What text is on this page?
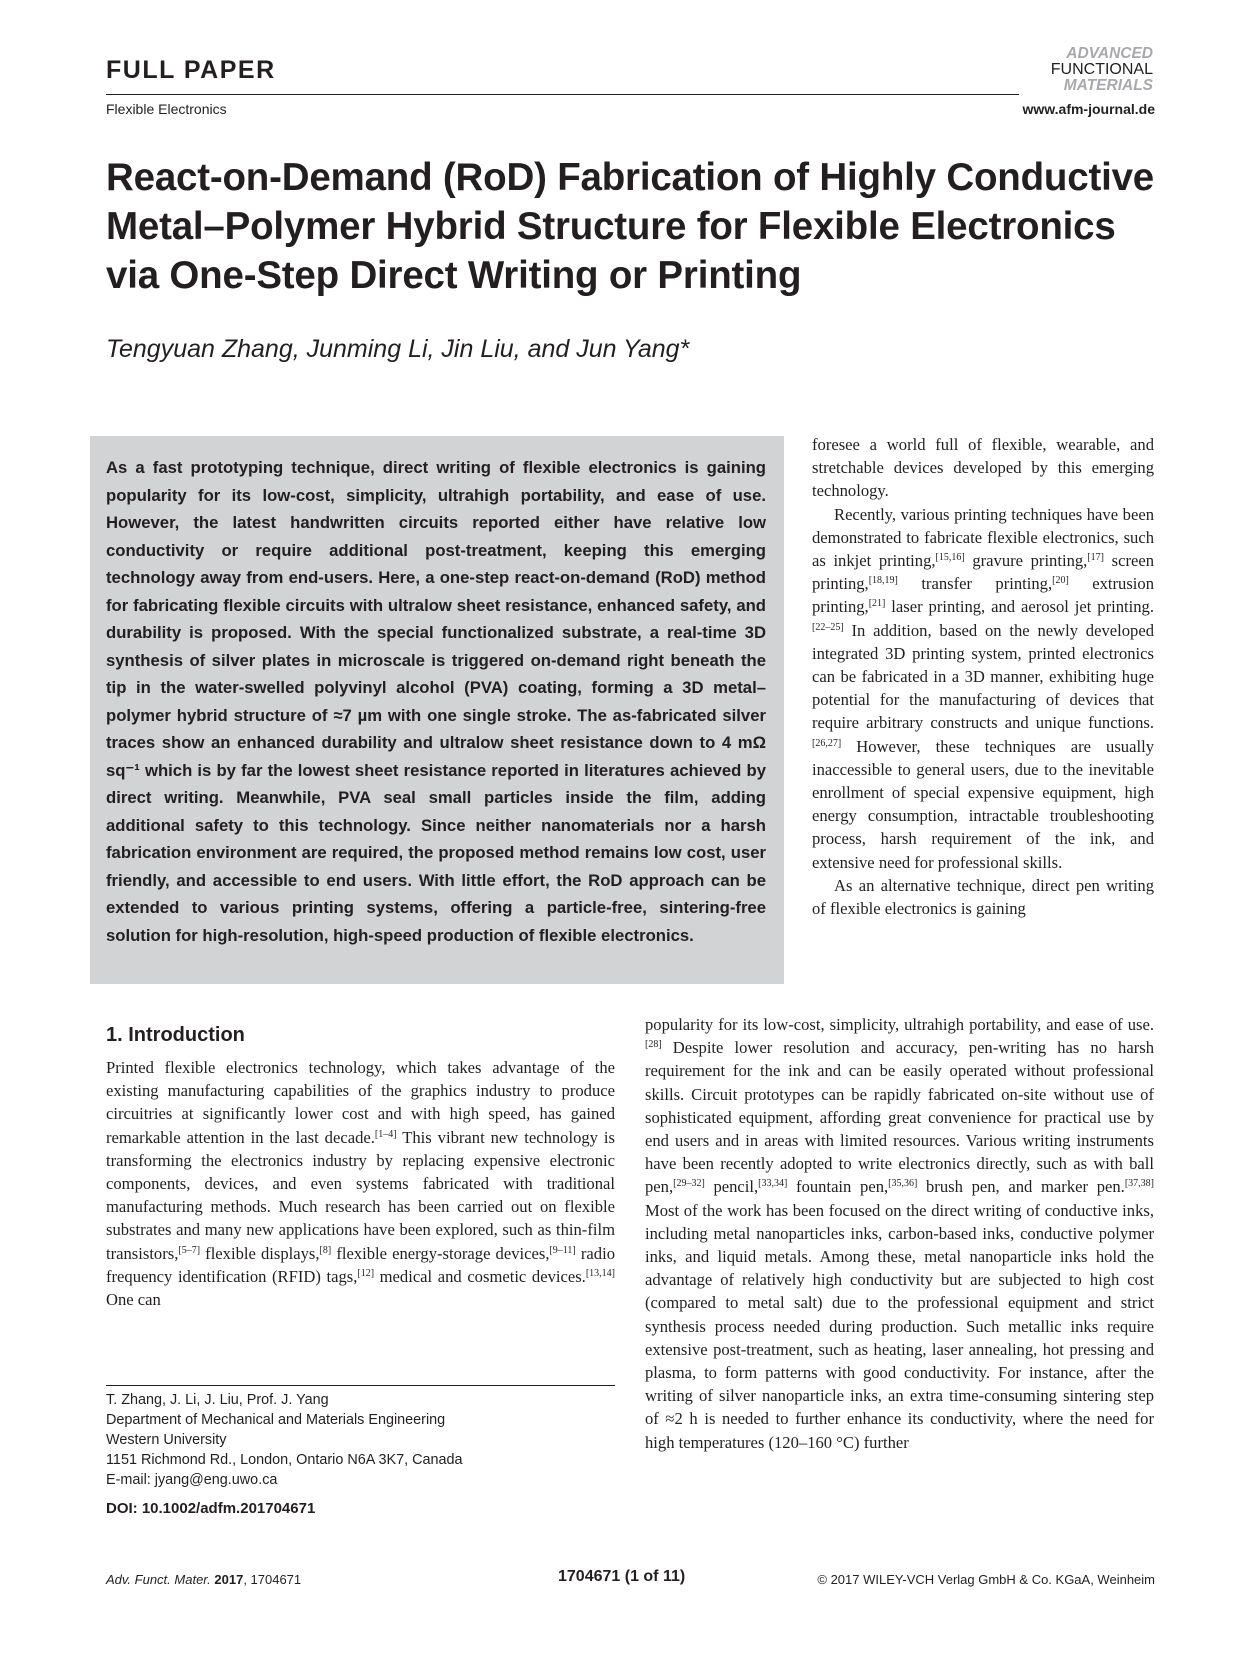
FULL PAPER
Flexible Electronics
ADVANCED
FUNCTIONAL
MATERIALS
www.afm-journal.de
React-on-Demand (RoD) Fabrication of Highly Conductive Metal–Polymer Hybrid Structure for Flexible Electronics via One-Step Direct Writing or Printing
Tengyuan Zhang, Junming Li, Jin Liu, and Jun Yang*
As a fast prototyping technique, direct writing of flexible electronics is gaining popularity for its low-cost, simplicity, ultrahigh portability, and ease of use. However, the latest handwritten circuits reported either have relative low conductivity or require additional post-treatment, keeping this emerging technology away from end-users. Here, a one-step react-on-demand (RoD) method for fabricating flexible circuits with ultralow sheet resistance, enhanced safety, and durability is proposed. With the special functionalized substrate, a real-time 3D synthesis of silver plates in microscale is triggered on-demand right beneath the tip in the water-swelled polyvinyl alcohol (PVA) coating, forming a 3D metal–polymer hybrid structure of ≈7 µm with one single stroke. The as-fabricated silver traces show an enhanced durability and ultralow sheet resistance down to 4 mΩ sq⁻¹ which is by far the lowest sheet resistance reported in literatures achieved by direct writing. Meanwhile, PVA seal small particles inside the film, adding additional safety to this technology. Since neither nanomaterials nor a harsh fabrication environment are required, the proposed method remains low cost, user friendly, and accessible to end users. With little effort, the RoD approach can be extended to various printing systems, offering a particle-free, sintering-free solution for high-resolution, high-speed production of flexible electronics.
foresee a world full of flexible, wearable, and stretchable devices developed by this emerging technology.
Recently, various printing techniques have been demonstrated to fabricate flexible electronics, such as inkjet printing,[15,16] gravure printing,[17] screen printing,[18,19] transfer printing,[20] extrusion printing,[21] laser printing, and aerosol jet printing.[22–25] In addition, based on the newly developed integrated 3D printing system, printed electronics can be fabricated in a 3D manner, exhibiting huge potential for the manufacturing of devices that require arbitrary constructs and unique functions.[26,27] However, these techniques are usually inaccessible to general users, due to the inevitable enrollment of special expensive equipment, high energy consumption, intractable troubleshooting process, harsh requirement of the ink, and extensive need for professional skills.
As an alternative technique, direct pen writing of flexible electronics is gaining
popularity for its low-cost, simplicity, ultrahigh portability, and ease of use.[28] Despite lower resolution and accuracy, pen-writing has no harsh requirement for the ink and can be easily operated without professional skills. Circuit prototypes can be rapidly fabricated on-site without use of sophisticated equipment, affording great convenience for practical use by end users and in areas with limited resources. Various writing instruments have been recently adopted to write electronics directly, such as with ball pen,[29–32] pencil,[33,34] fountain pen,[35,36] brush pen, and marker pen.[37,38] Most of the work has been focused on the direct writing of conductive inks, including metal nanoparticles inks, carbon-based inks, conductive polymer inks, and liquid metals. Among these, metal nanoparticle inks hold the advantage of relatively high conductivity but are subjected to high cost (compared to metal salt) due to the professional equipment and strict synthesis process needed during production. Such metallic inks require extensive post-treatment, such as heating, laser annealing, hot pressing and plasma, to form patterns with good conductivity. For instance, after the writing of silver nanoparticle inks, an extra time-consuming sintering step of ≈2 h is needed to further enhance its conductivity, where the need for high temperatures (120–160 °C) further
1. Introduction
Printed flexible electronics technology, which takes advantage of the existing manufacturing capabilities of the graphics industry to produce circuitries at significantly lower cost and with high speed, has gained remarkable attention in the last decade.[1–4] This vibrant new technology is transforming the electronics industry by replacing expensive electronic components, devices, and even systems fabricated with traditional manufacturing methods. Much research has been carried out on flexible substrates and many new applications have been explored, such as thin-film transistors,[5–7] flexible displays,[8] flexible energy-storage devices,[9–11] radio frequency identification (RFID) tags,[12] medical and cosmetic devices.[13,14] One can
T. Zhang, J. Li, J. Liu, Prof. J. Yang
Department of Mechanical and Materials Engineering
Western University
1151 Richmond Rd., London, Ontario N6A 3K7, Canada
E-mail: jyang@eng.uwo.ca
DOI: 10.1002/adfm.201704671
Adv. Funct. Mater. 2017, 1704671	1704671 (1 of 11)	© 2017 WILEY-VCH Verlag GmbH & Co. KGaA, Weinheim
